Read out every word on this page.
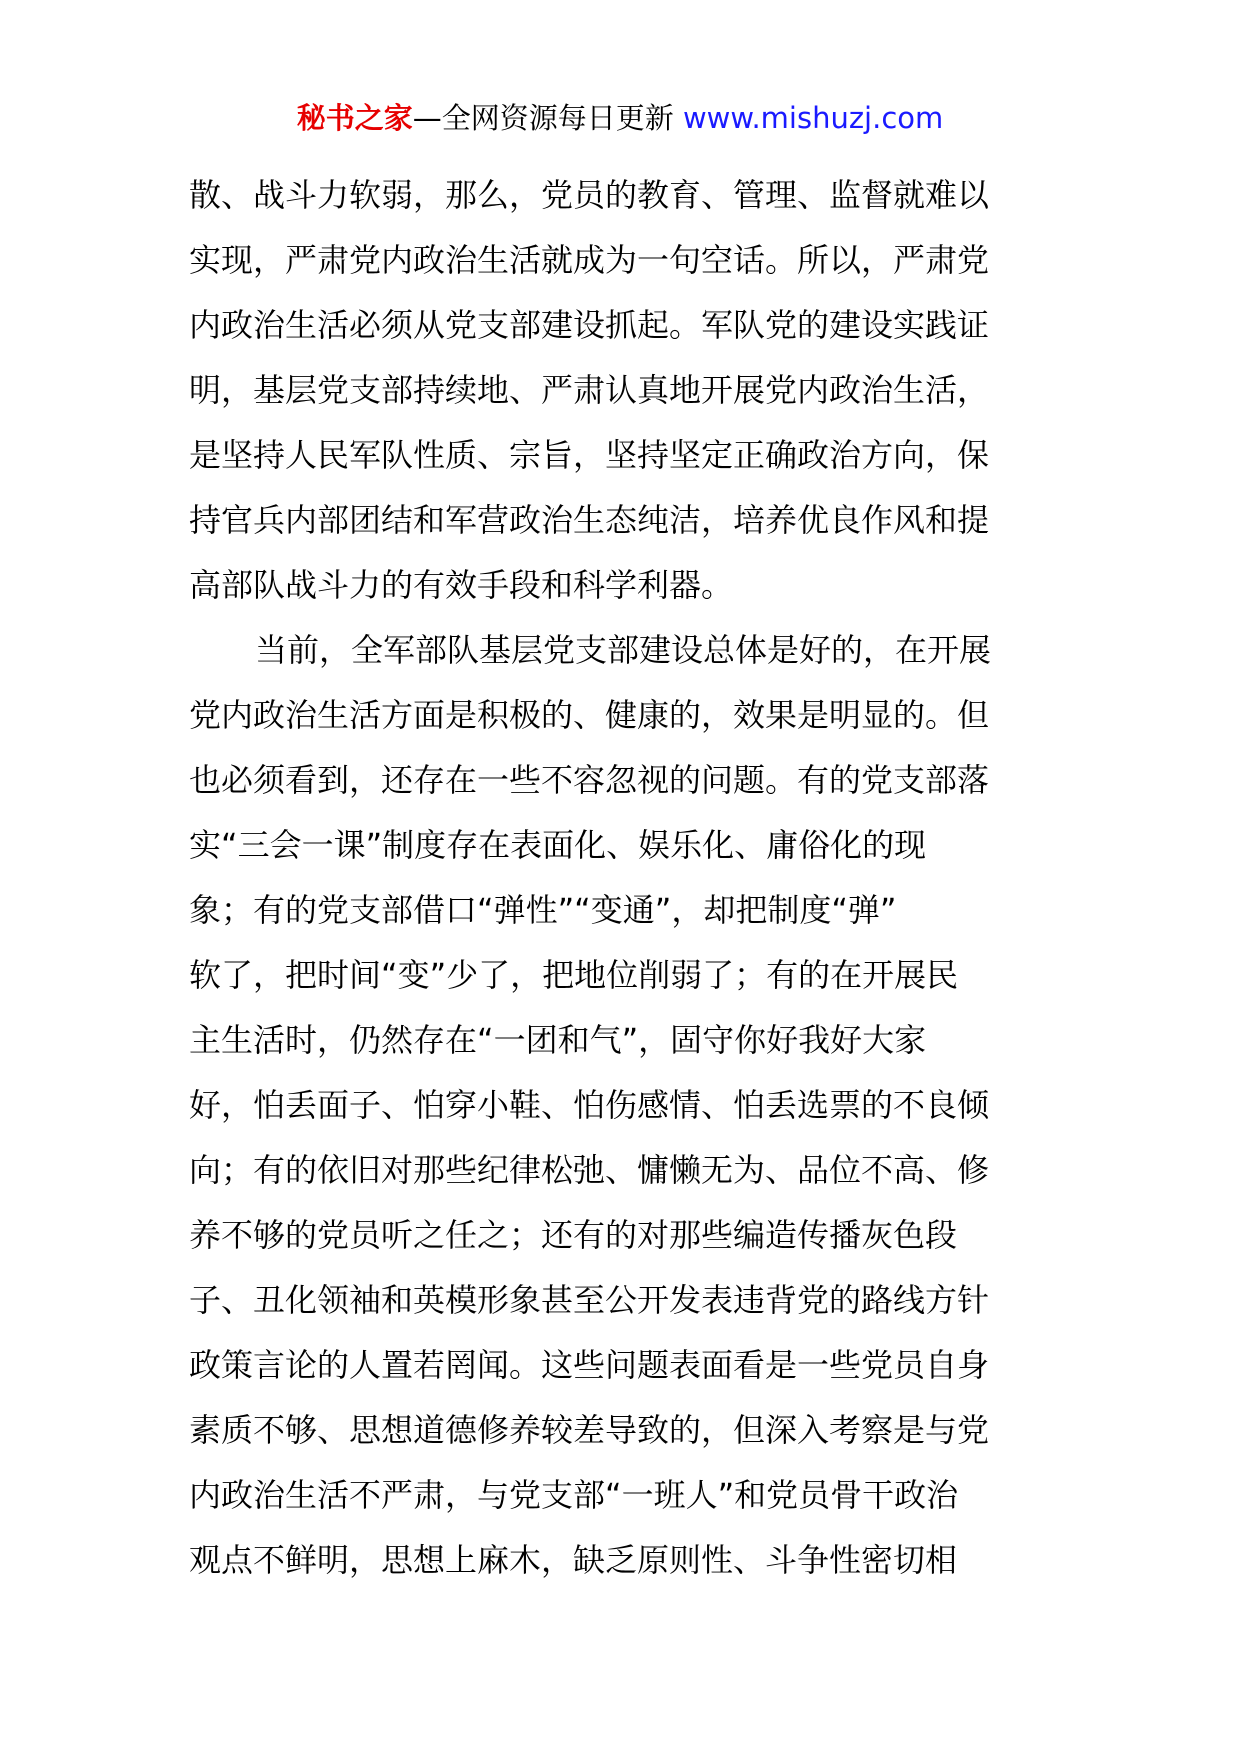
秘书之家—全网资源每日更新 www.mishuzj.com
散、战斗力软弱，那么，党员的教育、管理、监督就难以
实现，严肃党内政治生活就成为一句空话。所以，严肃党
内政治生活必须从党支部建设抓起。军队党的建设实践证
明，基层党支部持续地、严肃认真地开展党内政治生活，
是坚持人民军队性质、宗旨，坚持坚定正确政治方向，保
持官兵内部团结和军营政治生态纯洁，培养优良作风和提
高部队战斗力的有效手段和科学利器。
当前，全军部队基层党支部建设总体是好的，在开展
党内政治生活方面是积极的、健康的，效果是明显的。但
也必须看到，还存在一些不容忽视的问题。有的党支部落
实“三会一课”制度存在表面化、娱乐化、庸俗化的现
象；有的党支部借口“弹性”“变通”，却把制度“弹”
软了，把时间“变”少了，把地位削弱了；有的在开展民
主生活时，仍然存在“一团和气”，固守你好我好大家
好，怕丢面子、怕穿小鞋、怕伤感情、怕丢选票的不良倾
向；有的依旧对那些纪律松弛、慵懒无为、品位不高、修
养不够的党员听之任之；还有的对那些编造传播灰色段
子、丑化领袖和英模形象甚至公开发表违背党的路线方针
政策言论的人置若罔闻。这些问题表面看是一些党员自身
素质不够、思想道德修养较差导致的，但深入考察是与党
内政治生活不严肃，与党支部“一班人”和党员骨干政治
观点不鲜明，思想上麻木，缺乏原则性、斗争性密切相
